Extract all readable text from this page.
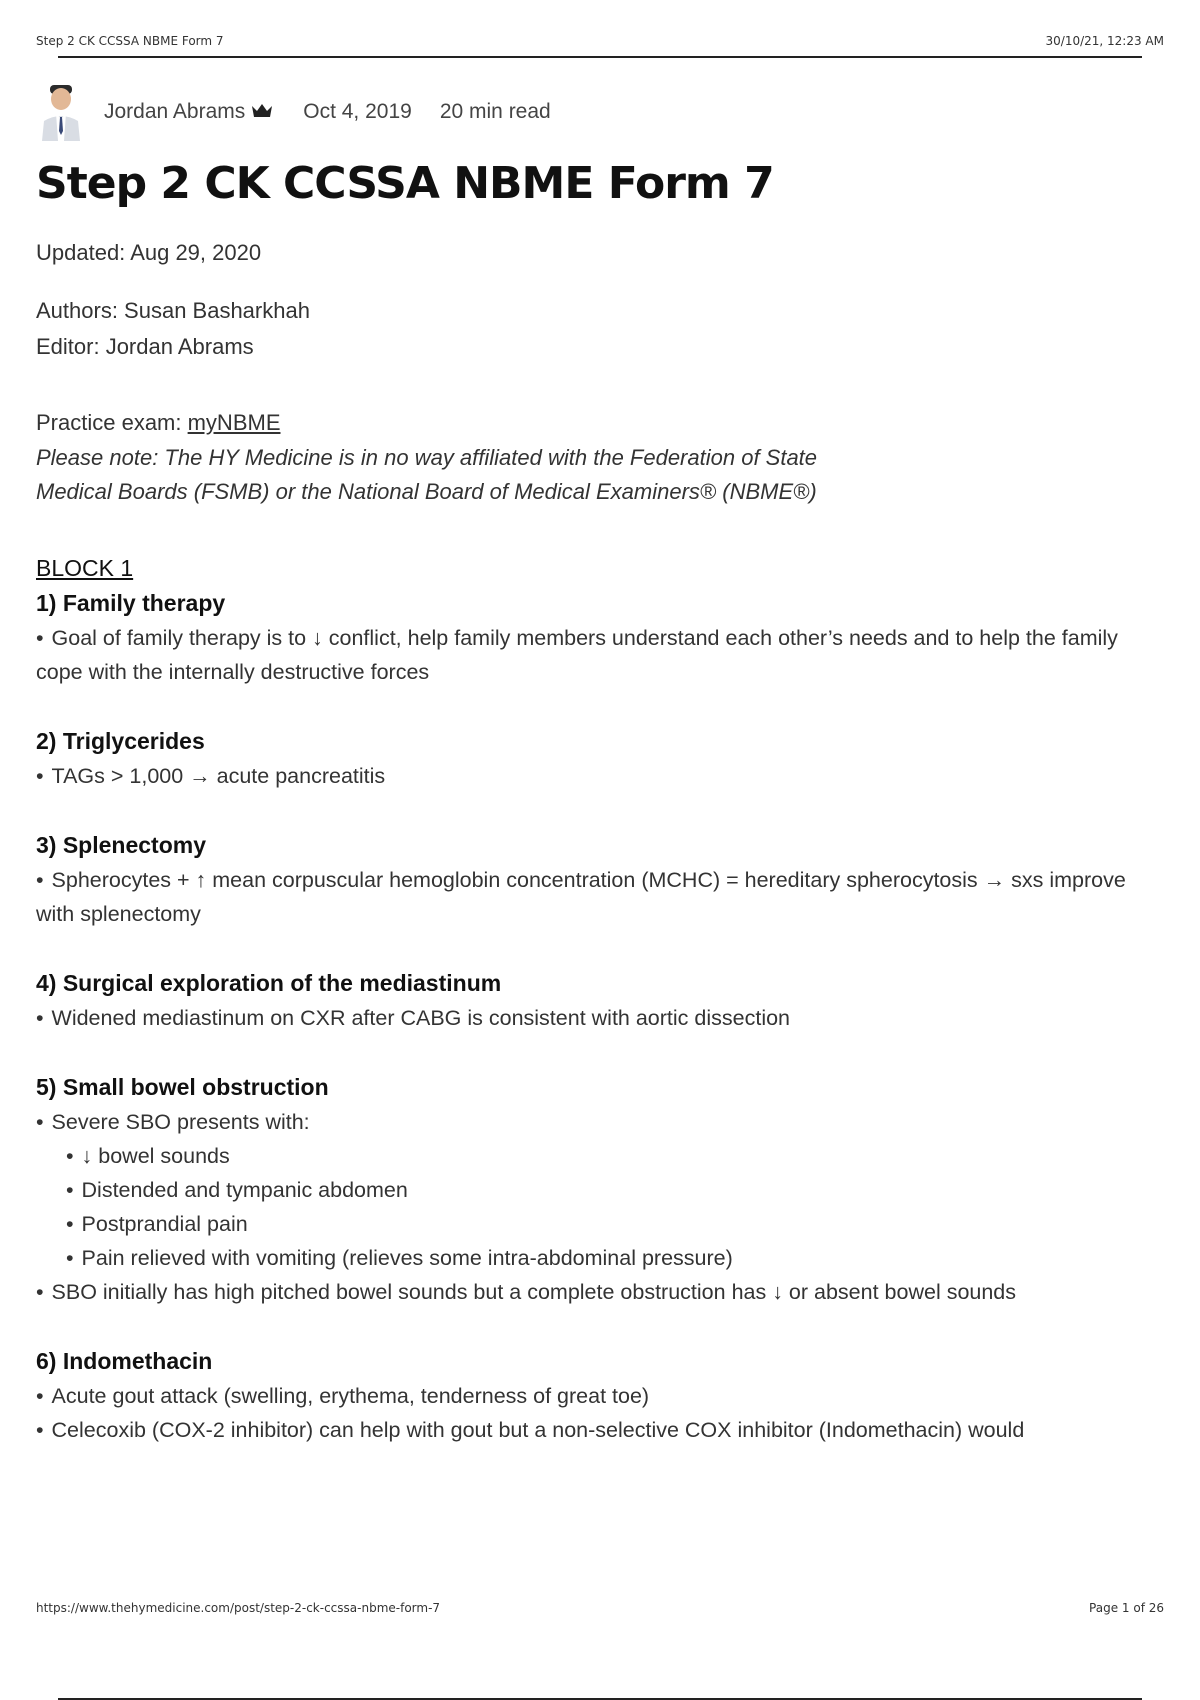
Step 2 CK CCSSA NBME Form 7	30/10/21, 12:23 AM
Jordan Abrams	Oct 4, 2019 20 min read
Step 2 CK CCSSA NBME Form 7
Updated: Aug 29, 2020
Authors: Susan Basharkhah
Editor: Jordan Abrams
Practice exam: myNBME
Please note: The HY Medicine is in no way affiliated with the Federation of State
Medical Boards (FSMB) or the National Board of Medical Examiners® (NBME®)
BLOCK 1
1) Family therapy
• Goal of family therapy is to ↓ conflict, help family members understand each other’s needs and to help the family cope with the internally destructive forces
2) Triglycerides
• TAGs > 1,000 → acute pancreatitis
3) Splenectomy
• Spherocytes + ↑ mean corpuscular hemoglobin concentration (MCHC) = hereditary spherocytosis → sxs improve with splenectomy
4) Surgical exploration of the mediastinum
• Widened mediastinum on CXR after CABG is consistent with aortic dissection
5) Small bowel obstruction
• Severe SBO presents with:
• ↓ bowel sounds
• Distended and tympanic abdomen
• Postprandial pain
• Pain relieved with vomiting (relieves some intra-abdominal pressure)
• SBO initially has high pitched bowel sounds but a complete obstruction has ↓ or absent bowel sounds
6) Indomethacin
• Acute gout attack (swelling, erythema, tenderness of great toe)
• Celecoxib (COX-2 inhibitor) can help with gout but a non-selective COX inhibitor (Indomethacin) would
https://www.thehymedicine.com/post/step-2-ck-ccssa-nbme-form-7	Page 1 of 26
